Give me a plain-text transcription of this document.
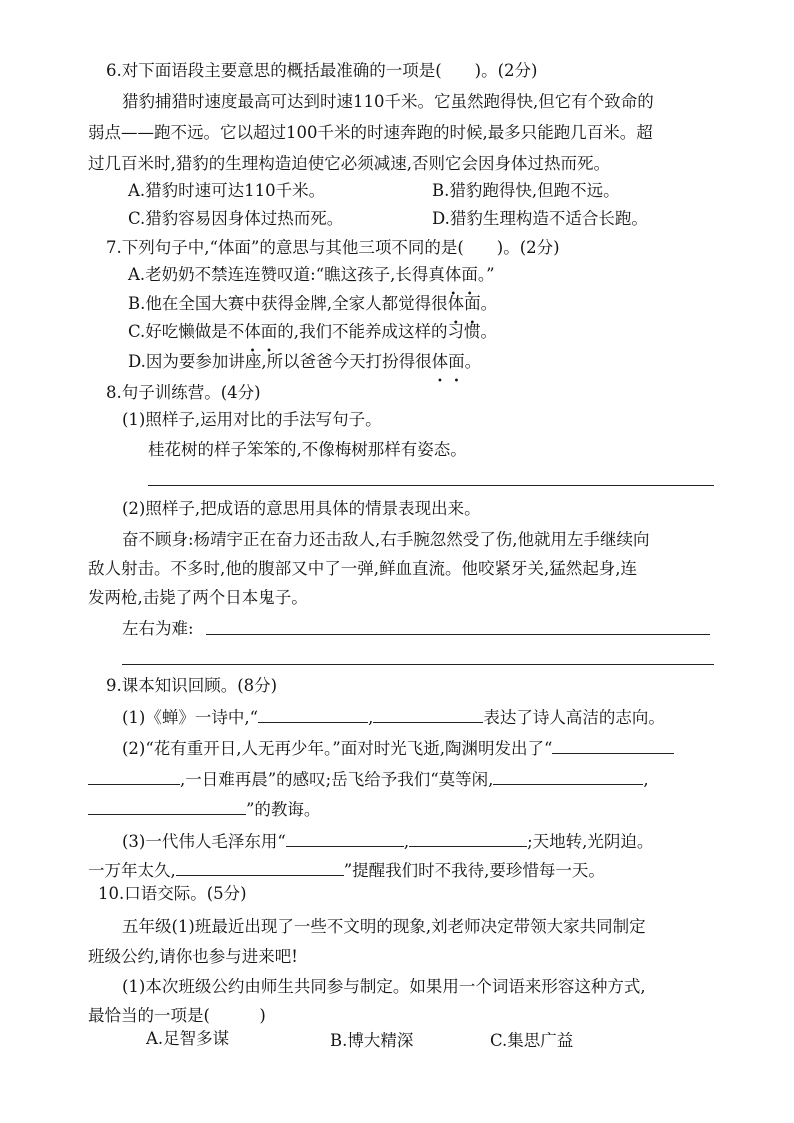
6.对下面语段主要意思的概括最准确的一项是(　　)。(2分)
猎豹捕猎时速度最高可达到时速110千米。它虽然跑得快,但它有个致命的
弱点——跑不远。它以超过100千米的时速奔跑的时候,最多只能跑几百米。超
过几百米时,猎豹的生理构造迫使它必须减速,否则它会因身体过热而死。
A.猎豹时速可达110千米。	B.猎豹跑得快,但跑不远。
C.猎豹容易因身体过热而死。	D.猎豹生理构造不适合长跑。
7.下列句子中,“体面”的意思与其他三项不同的是(　　)。(2分)
A.老奶奶不禁连连赞叹道:“瞧这孩子,长得真体面。”
B.他在全国大赛中获得金牌,全家人都觉得很体面。
C.好吃懒做是不体面的,我们不能养成这样的习惯。
D.因为要参加讲座,所以爸爸今天打扮得很体面。
8.句子训练营。(4分)
(1)照样子,运用对比的手法写句子。
桂花树的样子笨笨的,不像梅树那样有姿态。
(2)照样子,把成语的意思用具体的情景表现出来。
奋不顾身:杨靖宇正在奋力还击敌人,右手腕忽然受了伤,他就用左手继续向
敌人射击。不多时,他的腹部又中了一弹,鲜血直流。他咬紧牙关,猛然起身,连
发两枪,击毙了两个日本鬼子。
左右为难:
9.课本知识回顾。(8分)
(1)《蝉》一诗中,“	,	表达了诗人高洁的志向。
(2)“花有重开日,人无再少年。”面对时光飞逝,陶渊明发出了“
,一日难再晨”的感叹;岳飞给予我们“莫等闲,	,
”的教诲。
(3)一代伟人毛泽东用“	,	;天地转,光阴迫。
一万年太久,	”提醒我们时不我待,要珍惜每一天。
10.口语交际。(5分)
五年级(1)班最近出现了一些不文明的现象,刘老师决定带领大家共同制定
班级公约,请你也参与进来吧!
(1)本次班级公约由师生共同参与制定。如果用一个词语来形容这种方式,
最恰当的一项是(　　　)
A.足智多谋	B.博大精深	C.集思广益
